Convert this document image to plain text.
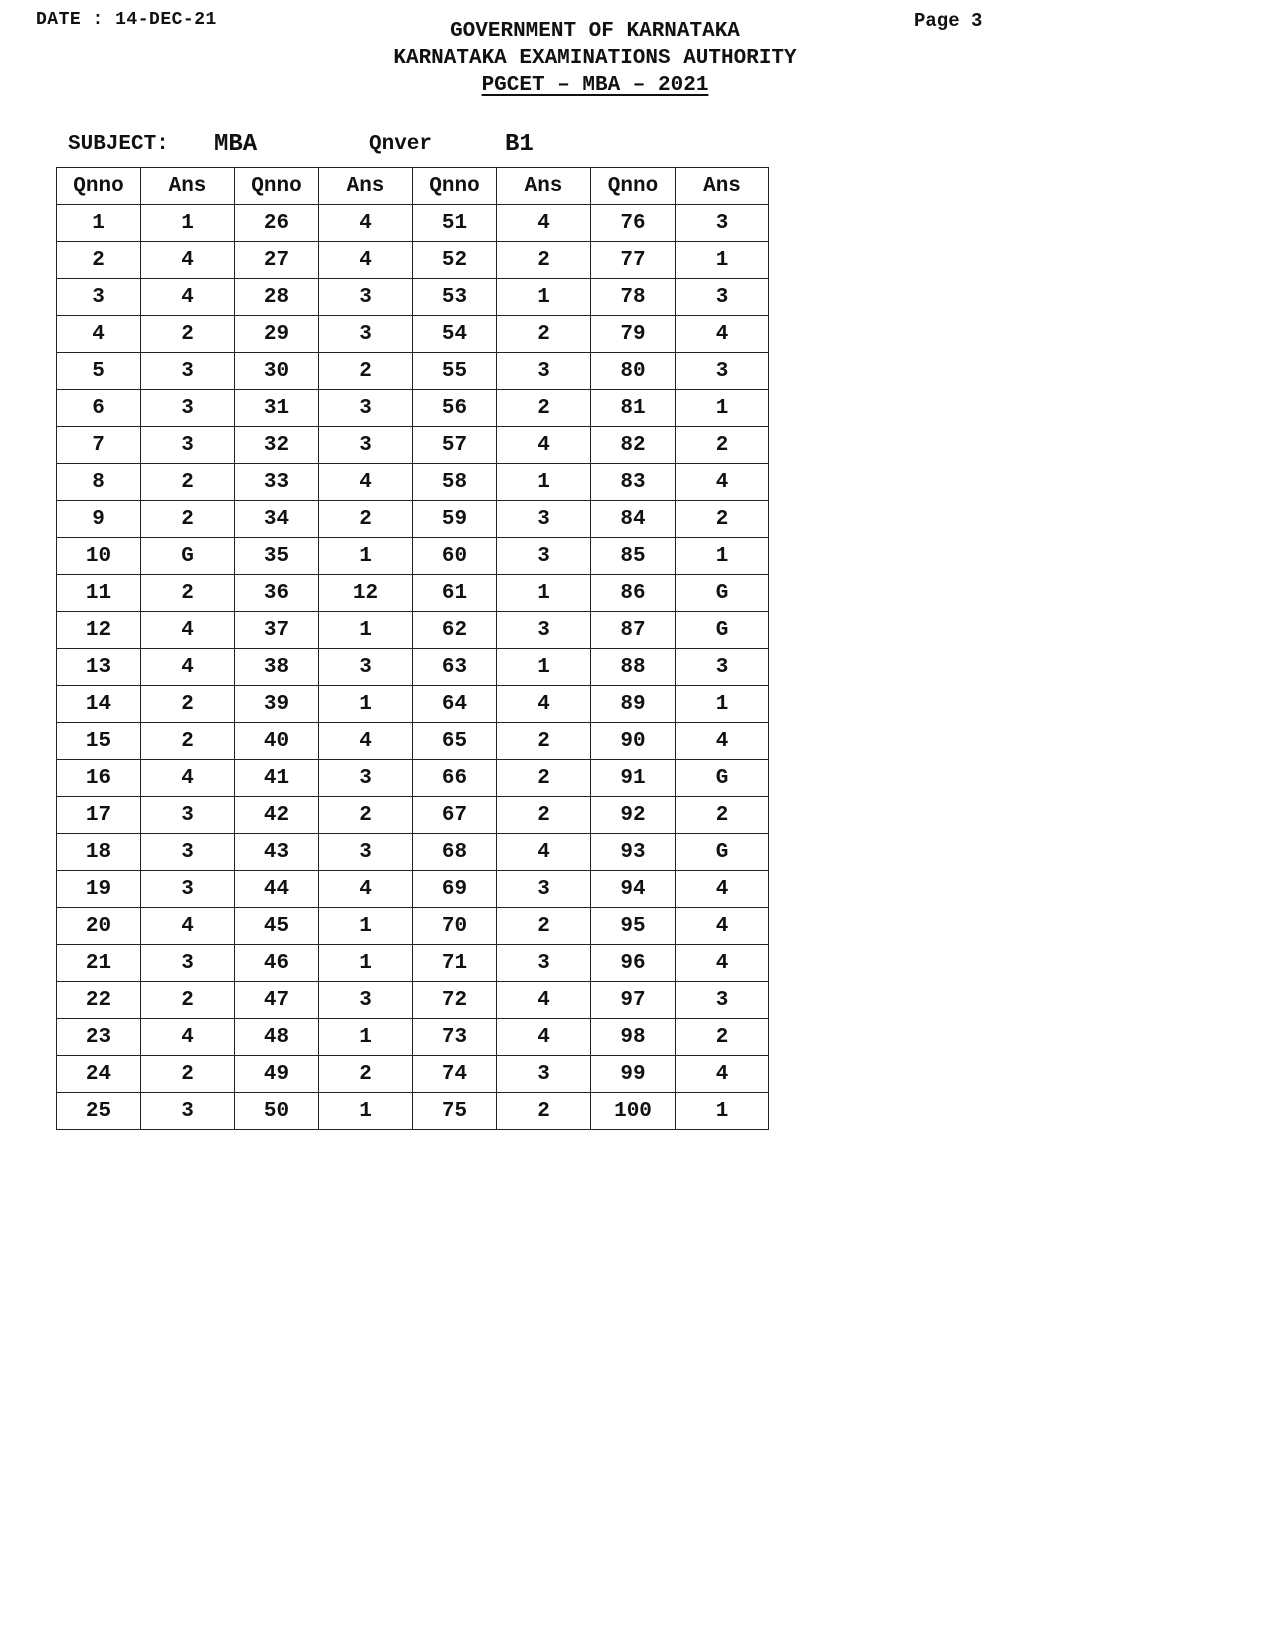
DATE : 14-DEC-21	Page 3
GOVERNMENT OF KARNATAKA
KARNATAKA EXAMINATIONS AUTHORITY
PGCET – MBA – 2021
SUBJECT: MBA	Qnver	B1
Qnno	Ans	Qnno	Ans	Qnno	Ans	Qnno	Ans
1	1	26	4	51	4	76	3
2	4	27	4	52	2	77	1
3	4	28	3	53	1	78	3
4	2	29	3	54	2	79	4
5	3	30	2	55	3	80	3
6	3	31	3	56	2	81	1
7	3	32	3	57	4	82	2
8	2	33	4	58	1	83	4
9	2	34	2	59	3	84	2
10	G	35	1	60	3	85	1
11	2	36	12	61	1	86	G
12	4	37	1	62	3	87	G
13	4	38	3	63	1	88	3
14	2	39	1	64	4	89	1
15	2	40	4	65	2	90	4
16	4	41	3	66	2	91	G
17	3	42	2	67	2	92	2
18	3	43	3	68	4	93	G
19	3	44	4	69	3	94	4
20	4	45	1	70	2	95	4
21	3	46	1	71	3	96	4
22	2	47	3	72	4	97	3
23	4	48	1	73	4	98	2
24	2	49	2	74	3	99	4
25	3	50	1	75	2	100	1
